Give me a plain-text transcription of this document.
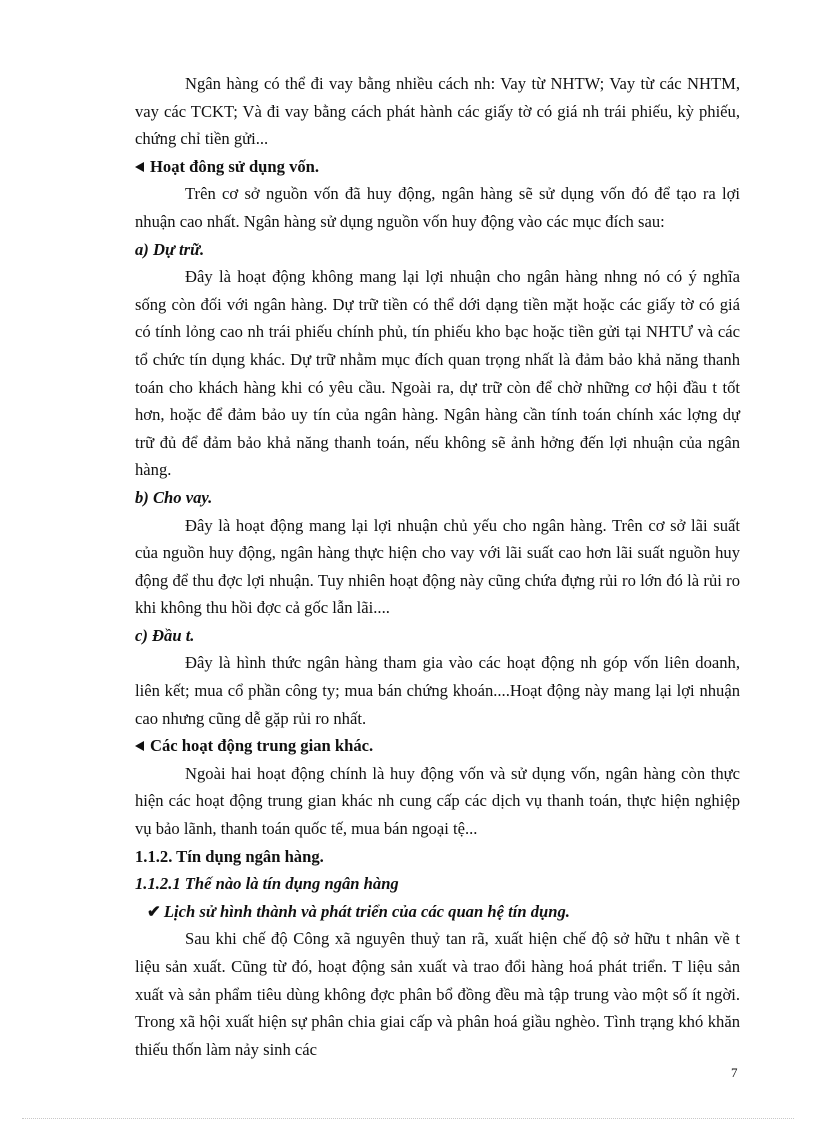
Ngân hàng có thể đi vay bằng nhiều cách nh: Vay từ NHTW; Vay từ các NHTM, vay các TCKT; Và đi vay bằng cách phát hành các giấy tờ có giá nh trái phiếu, kỳ phiếu, chứng chỉ tiền gửi...

Hoạt đông sử dụng vốn.

Trên cơ sở nguồn vốn đã huy động, ngân hàng sẽ sử dụng vốn đó để tạo ra lợi nhuận cao nhất. Ngân hàng sử dụng nguồn vốn huy động vào các mục đích sau:

a) Dự trữ.

Đây là hoạt động không mang lại lợi nhuận cho ngân hàng nhng nó có ý nghĩa sống còn đối với ngân hàng. Dự trữ tiền có thể dới dạng tiền mặt hoặc các giấy tờ có giá có tính lỏng cao nh trái phiếu chính phủ, tín phiếu kho bạc hoặc tiền gửi tại NHTƯ và các tổ chức tín dụng khác. Dự trữ nhằm mục đích quan trọng nhất là đảm bảo khả năng thanh toán cho khách hàng khi có yêu cầu. Ngoài ra, dự trữ còn để chờ những cơ hội đầu t tốt hơn, hoặc để đảm bảo uy tín của ngân hàng. Ngân hàng cần tính toán chính xác lợng dự trữ đủ để đảm bảo khả năng thanh toán, nếu không sẽ ảnh hởng đến lợi nhuận của ngân hàng.

b) Cho vay.

Đây là hoạt động mang lại lợi nhuận chủ yếu cho ngân hàng. Trên cơ sở lãi suất của nguồn huy động, ngân hàng thực hiện cho vay với lãi suất cao hơn lãi suất nguồn huy động để thu đợc lợi nhuận. Tuy nhiên hoạt động này cũng chứa đựng rủi ro lớn đó là rủi ro khi không thu hồi đợc cả gốc lẫn lãi....

c) Đầu t.

Đây là hình thức ngân hàng tham gia vào các hoạt động nh góp vốn liên doanh, liên kết; mua cổ phần công ty; mua bán chứng khoán....Hoạt động này mang lại lợi nhuận cao nhưng cũng dễ gặp rủi ro nhất.

Các hoạt động trung gian khác.

Ngoài hai hoạt động chính là huy động vốn và sử dụng vốn, ngân hàng còn thực hiện các hoạt động trung gian khác nh cung cấp các dịch vụ thanh toán, thực hiện nghiệp vụ bảo lãnh, thanh toán quốc tế, mua bán ngoại tệ...

1.1.2. Tín dụng ngân hàng.

1.1.2.1 Thế nào là tín dụng ngân hàng

✔ Lịch sử hình thành và phát triển của các quan hệ tín dụng.

Sau khi chế độ Công xã nguyên thuỷ tan rã, xuất hiện chế độ sở hữu t nhân về t liệu sản xuất. Cũng từ đó, hoạt động sản xuất và trao đổi hàng hoá phát triển. T liệu sản xuất và sản phẩm tiêu dùng không đợc phân bổ đồng đều mà tập trung vào một số ít ngời. Trong xã hội xuất hiện sự phân chia giai cấp và phân hoá giầu nghèo. Tình trạng khó khăn thiếu thốn làm nảy sinh các

7
